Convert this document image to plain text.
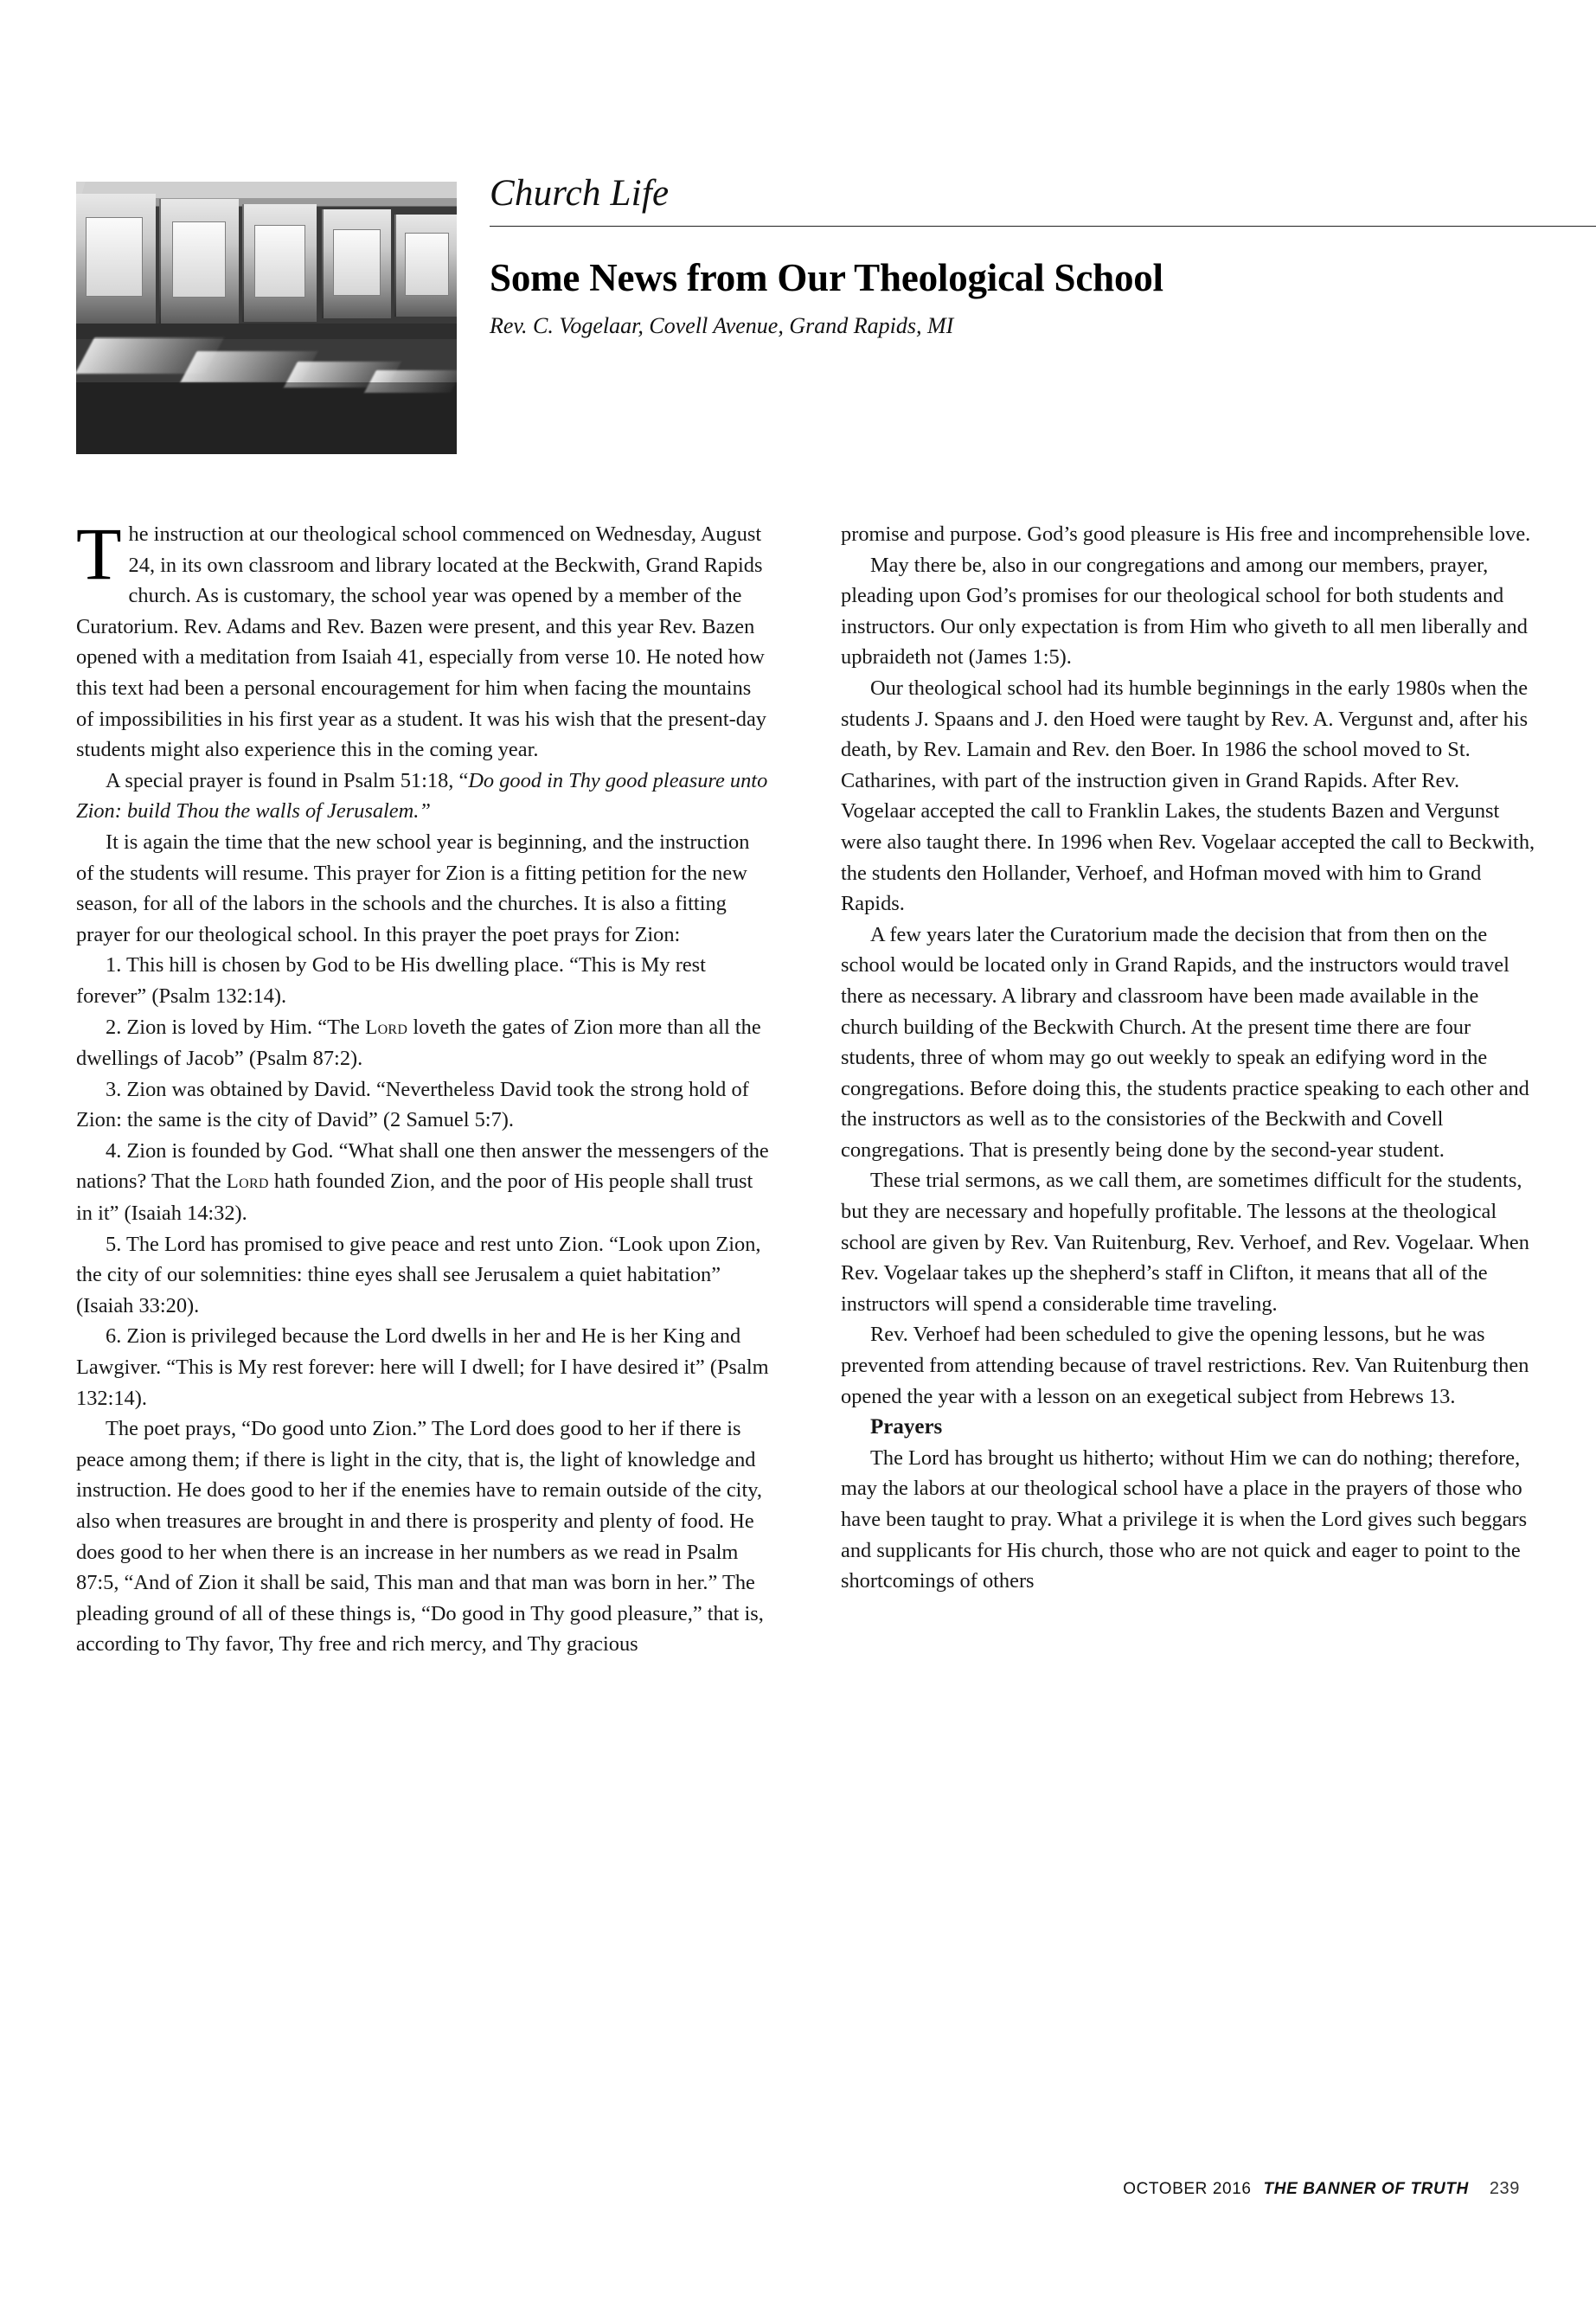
Church Life
Some News from Our Theological School
Rev. C. Vogelaar, Covell Avenue, Grand Rapids, MI

The instruction at our theological school commenced on Wednesday, August 24, in its own classroom and library located at the Beckwith, Grand Rapids church. As is customary, the school year was opened by a member of the Curatorium. Rev. Adams and Rev. Bazen were present, and this year Rev. Bazen opened with a meditation from Isaiah 41, especially from verse 10. He noted how this text had been a personal encouragement for him when facing the mountains of impossibilities in his first year as a student. It was his wish that the present-day students might also experience this in the coming year.

A special prayer is found in Psalm 51:18, “Do good in Thy good pleasure unto Zion: build Thou the walls of Jerusalem.”

It is again the time that the new school year is beginning, and the instruction of the students will resume. This prayer for Zion is a fitting petition for the new season, for all of the labors in the schools and the churches. It is also a fitting prayer for our theological school. In this prayer the poet prays for Zion:

1. This hill is chosen by God to be His dwelling place. “This is My rest forever” (Psalm 132:14).

2. Zion is loved by Him. “The Lord loveth the gates of Zion more than all the dwellings of Jacob” (Psalm 87:2).

3. Zion was obtained by David. “Nevertheless David took the strong hold of Zion: the same is the city of David” (2 Samuel 5:7).

4. Zion is founded by God. “What shall one then answer the messengers of the nations? That the Lord hath founded Zion, and the poor of His people shall trust in it” (Isaiah 14:32).

5. The Lord has promised to give peace and rest unto Zion. “Look upon Zion, the city of our solemnities: thine eyes shall see Jerusalem a quiet habitation” (Isaiah 33:20).

6. Zion is privileged because the Lord dwells in her and He is her King and Lawgiver. “This is My rest forever: here will I dwell; for I have desired it” (Psalm 132:14).

The poet prays, “Do good unto Zion.” The Lord does good to her if there is peace among them; if there is light in the city, that is, the light of knowledge and instruction. He does good to her if the enemies have to remain outside of the city, also when treasures are brought in and there is prosperity and plenty of food. He does good to her when there is an increase in her numbers as we read in Psalm 87:5, “And of Zion it shall be said, This man and that man was born in her.” The pleading ground of all of these things is, “Do good in Thy good pleasure,” that is, according to Thy favor, Thy free and rich mercy, and Thy gracious

promise and purpose. God’s good pleasure is His free and incomprehensible love.

May there be, also in our congregations and among our members, prayer, pleading upon God’s promises for our theological school for both students and instructors. Our only expectation is from Him who giveth to all men liberally and upbraideth not (James 1:5).

Our theological school had its humble beginnings in the early 1980s when the students J. Spaans and J. den Hoed were taught by Rev. A. Vergunst and, after his death, by Rev. Lamain and Rev. den Boer. In 1986 the school moved to St. Catharines, with part of the instruction given in Grand Rapids. After Rev. Vogelaar accepted the call to Franklin Lakes, the students Bazen and Vergunst were also taught there. In 1996 when Rev. Vogelaar accepted the call to Beckwith, the students den Hollander, Verhoef, and Hofman moved with him to Grand Rapids.

A few years later the Curatorium made the decision that from then on the school would be located only in Grand Rapids, and the instructors would travel there as necessary. A library and classroom have been made available in the church building of the Beckwith Church. At the present time there are four students, three of whom may go out weekly to speak an edifying word in the congregations. Before doing this, the students practice speaking to each other and the instructors as well as to the consistories of the Beckwith and Covell congregations. That is presently being done by the second-year student.

These trial sermons, as we call them, are sometimes difficult for the students, but they are necessary and hopefully profitable. The lessons at the theological school are given by Rev. Van Ruitenburg, Rev. Verhoef, and Rev. Vogelaar. When Rev. Vogelaar takes up the shepherd’s staff in Clifton, it means that all of the instructors will spend a considerable time traveling.

Rev. Verhoef had been scheduled to give the opening lessons, but he was prevented from attending because of travel restrictions. Rev. Van Ruitenburg then opened the year with a lesson on an exegetical subject from Hebrews 13.

Prayers

The Lord has brought us hitherto; without Him we can do nothing; therefore, may the labors at our theological school have a place in the prayers of those who have been taught to pray. What a privilege it is when the Lord gives such beggars and supplicants for His church, those who are not quick and eager to point to the shortcomings of others

OCTOBER 2016 THE BANNER OF TRUTH 239
